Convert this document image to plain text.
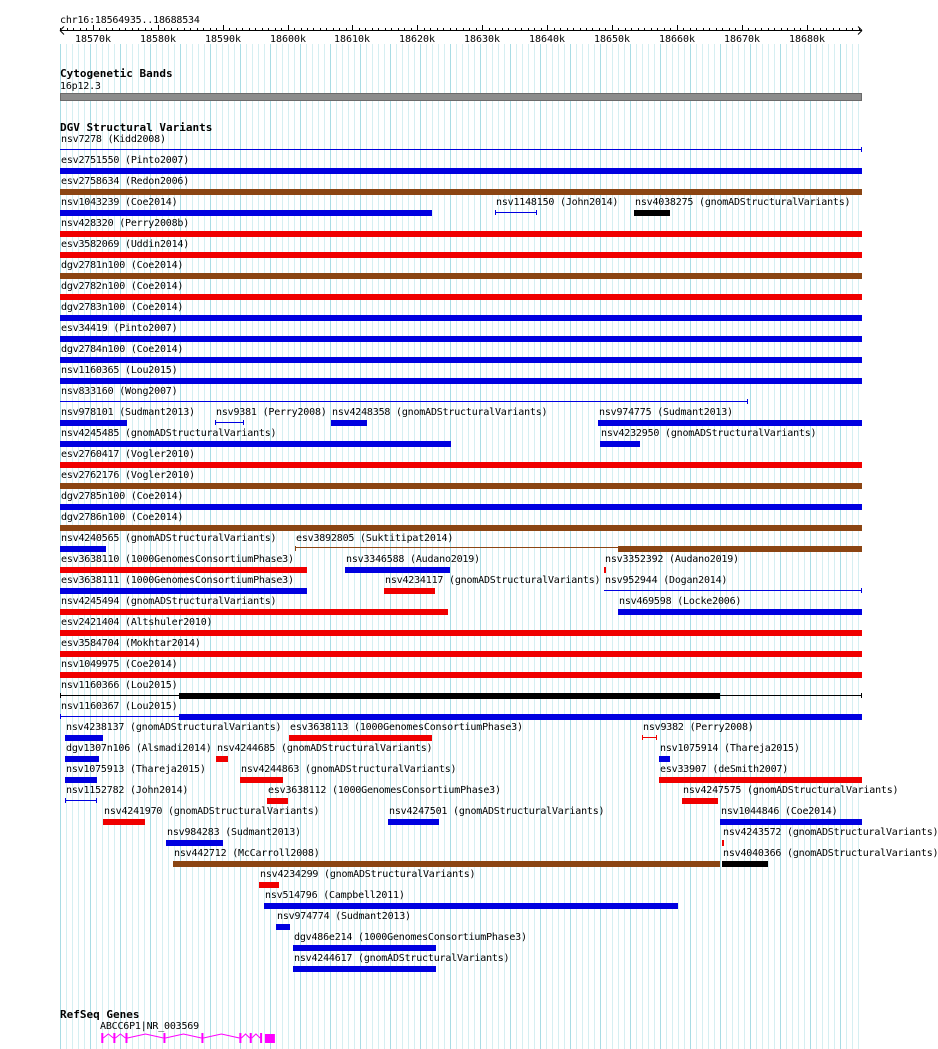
chr16:18564935..18688534
18570k	18580k	18590k	18600k	18610k	18620k	18630k	18640k	18650k	18660k	18670k	18680k
Cytogenetic Bands
16p12.3
DGV Structural Variants
nsv7278 (Kidd2008)
esv2751550 (Pinto2007)
esv2758634 (Redon2006)
nsv1043239 (Coe2014)	nsv1148150 (John2014) nsv4038275 (gnomADStructuralVariants)
nsv428320 (Perry2008b)
esv3582069 (Uddin2014)
dgv2781n100 (Coe2014)
dgv2782n100 (Coe2014)
dgv2783n100 (Coe2014)
esv34419 (Pinto2007)
dgv2784n100 (Coe2014)
nsv1160365 (Lou2015)
nsv833160 (Wong2007)
nsv978101 (Sudmant2013) nsv9381 (Perry2008) nsv4248358 (gnomADStructuralVariants)	nsv974775 (Sudmant2013)
nsv4245485 (gnomADStructuralVariants)	nsv4232950 (gnomADStructuralVariants)
esv2760417 (Vogler2010)
esv2762176 (Vogler2010)
dgv2785n100 (Coe2014)
dgv2786n100 (Coe2014)
nsv4240565 (gnomADStructuralVariants) esv3892805 (Suktitipat2014)
esv3638110 (1000GenomesConsortiumPhase3)	nsv3346588 (Audano2019)	nsv3352392 (Audano2019)
esv3638111 (1000GenomesConsortiumPhase3)	nsv4234117 (gnomADStructuralVariants) nsv952944 (Dogan2014)
nsv4245494 (gnomADStructuralVariants)	nsv469598 (Locke2006)
esv2421404 (Altshuler2010)
esv3584704 (Mokhtar2014)
nsv1049975 (Coe2014)
nsv1160366 (Lou2015)
nsv1160367 (Lou2015)
nsv4238137 (gnomADStructuralVariants) esv3638113 (1000GenomesConsortiumPhase3)	nsv9382 (Perry2008)
dgv1307n106 (Alsmadi2014) nsv4244685 (gnomADStructuralVariants)	nsv1075914 (Thareja2015)
nsv1075913 (Thareja2015)	nsv4244863 (gnomADStructuralVariants)	esv33907 (deSmith2007)
nsv1152782 (John2014)	esv3638112 (1000GenomesConsortiumPhase3)	nsv4247575 (gnomADStructuralVariants)
nsv4241970 (gnomADStructuralVariants)	nsv4247501 (gnomADStructuralVariants)	nsv1044846 (Coe2014)
nsv984283 (Sudmant2013)	nsv4243572 (gnomADStructuralVariants)
nsv442712 (McCarroll2008)	nsv4040366 (gnomADStructuralVariants)
nsv4234299 (gnomADStructuralVariants)
nsv514796 (Campbell2011)
nsv974774 (Sudmant2013)
dgv486e214 (1000GenomesConsortiumPhase3)
nsv4244617 (gnomADStructuralVariants)
RefSeq Genes
ABCC6P1|NR_003569
